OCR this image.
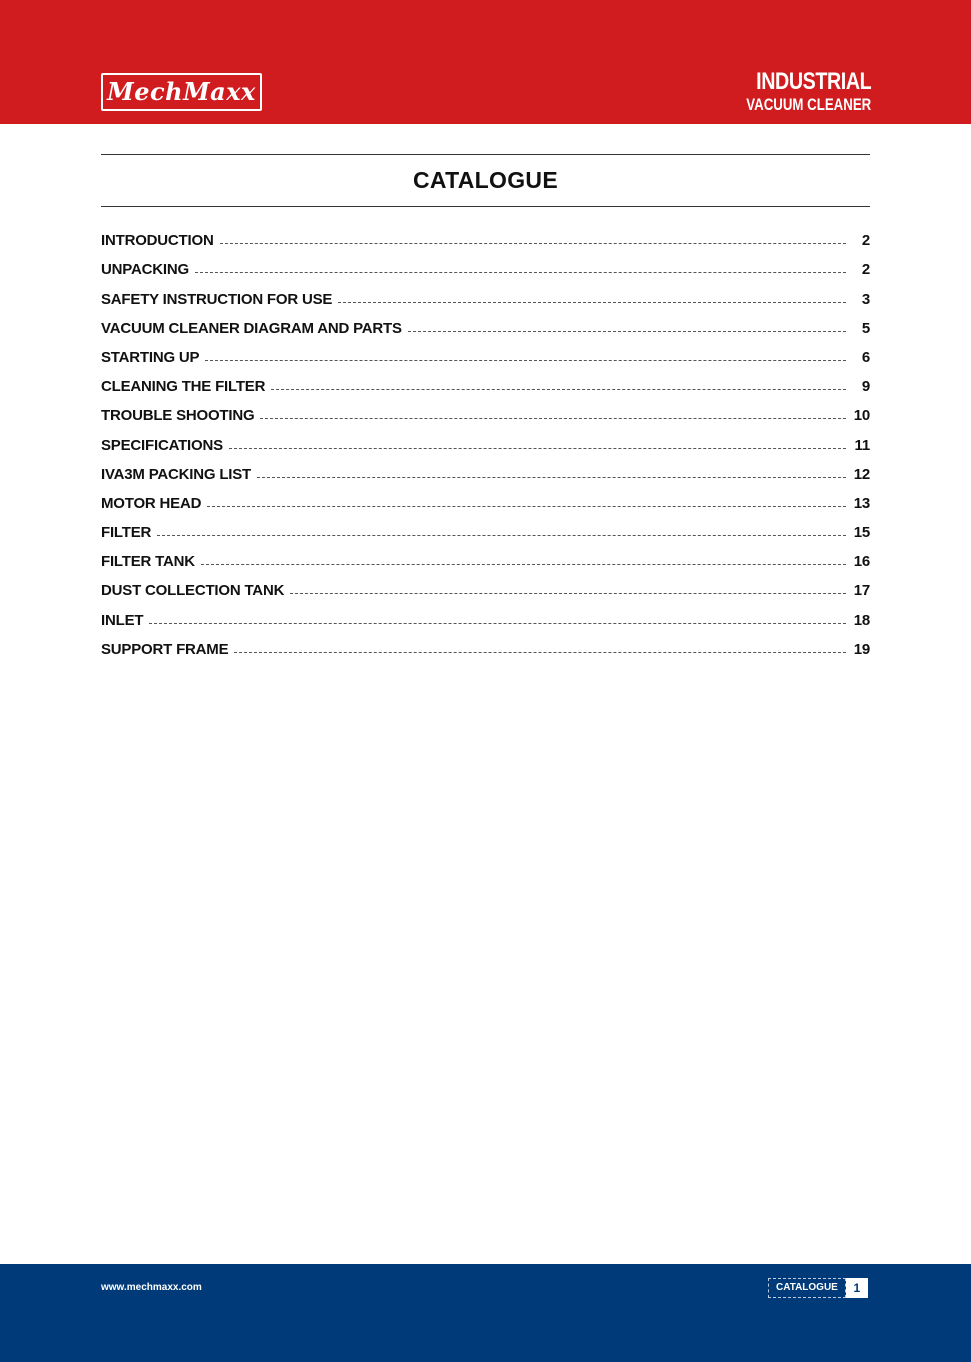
MechMaxx	INDUSTRIAL
VACUUM CLEANER
CATALOGUE
INTRODUCTION	2
UNPACKING	2
SAFETY INSTRUCTION FOR USE	3
VACUUM CLEANER DIAGRAM AND PARTS	5
STARTING UP	6
CLEANING THE FILTER	9
TROUBLE SHOOTING	10
SPECIFICATIONS	11
IVA3M PACKING LIST	12
MOTOR HEAD	13
FILTER	15
FILTER TANK	16
DUST COLLECTION TANK	17
INLET	18
SUPPORT FRAME	19
www.mechmaxx.com	CATALOGUE	1
